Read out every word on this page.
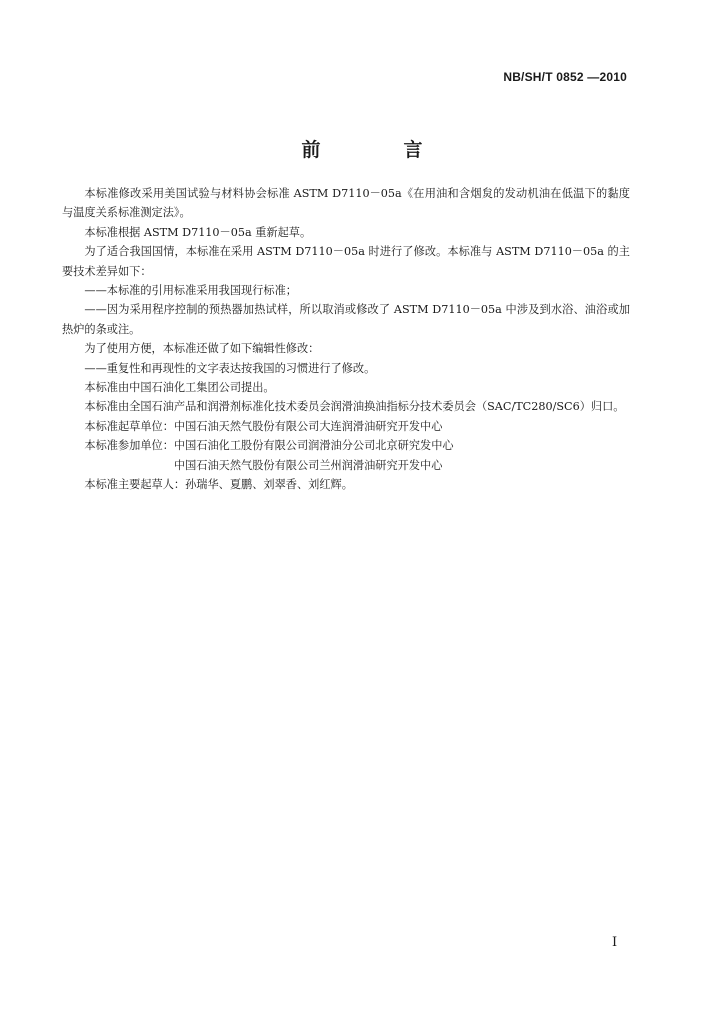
NB/SH/T 0852 —2010
前　言

本标准修改采用美国试验与材料协会标准 ASTM D7110－05a《在用油和含烟炱的发动机油在低温下的黏度与温度关系标准测定法》。

本标准根据 ASTM D7110－05a 重新起草。

为了适合我国国情，本标准在采用 ASTM D7110－05a 时进行了修改。本标准与 ASTM D7110－05a 的主要技术差异如下：

——本标准的引用标准采用我国现行标准；

——因为采用程序控制的预热器加热试样，所以取消或修改了 ASTM D7110－05a 中涉及到水浴、油浴或加热炉的条或注。

为了使用方便，本标准还做了如下编辑性修改：

——重复性和再现性的文字表达按我国的习惯进行了修改。

本标准由中国石油化工集团公司提出。

本标准由全国石油产品和润滑剂标准化技术委员会润滑油换油指标分技术委员会（SAC/TC280/SC6）归口。

本标准起草单位： 中国石油天然气股份有限公司大连润滑油研究开发中心
本标准参加单位： 中国石油化工股份有限公司润滑油分公司北京研究发中心
中国石油天然气股份有限公司兰州润滑油研究开发中心

本标准主要起草人：孙瑞华、夏鹏、刘翠香、刘红辉。

I
